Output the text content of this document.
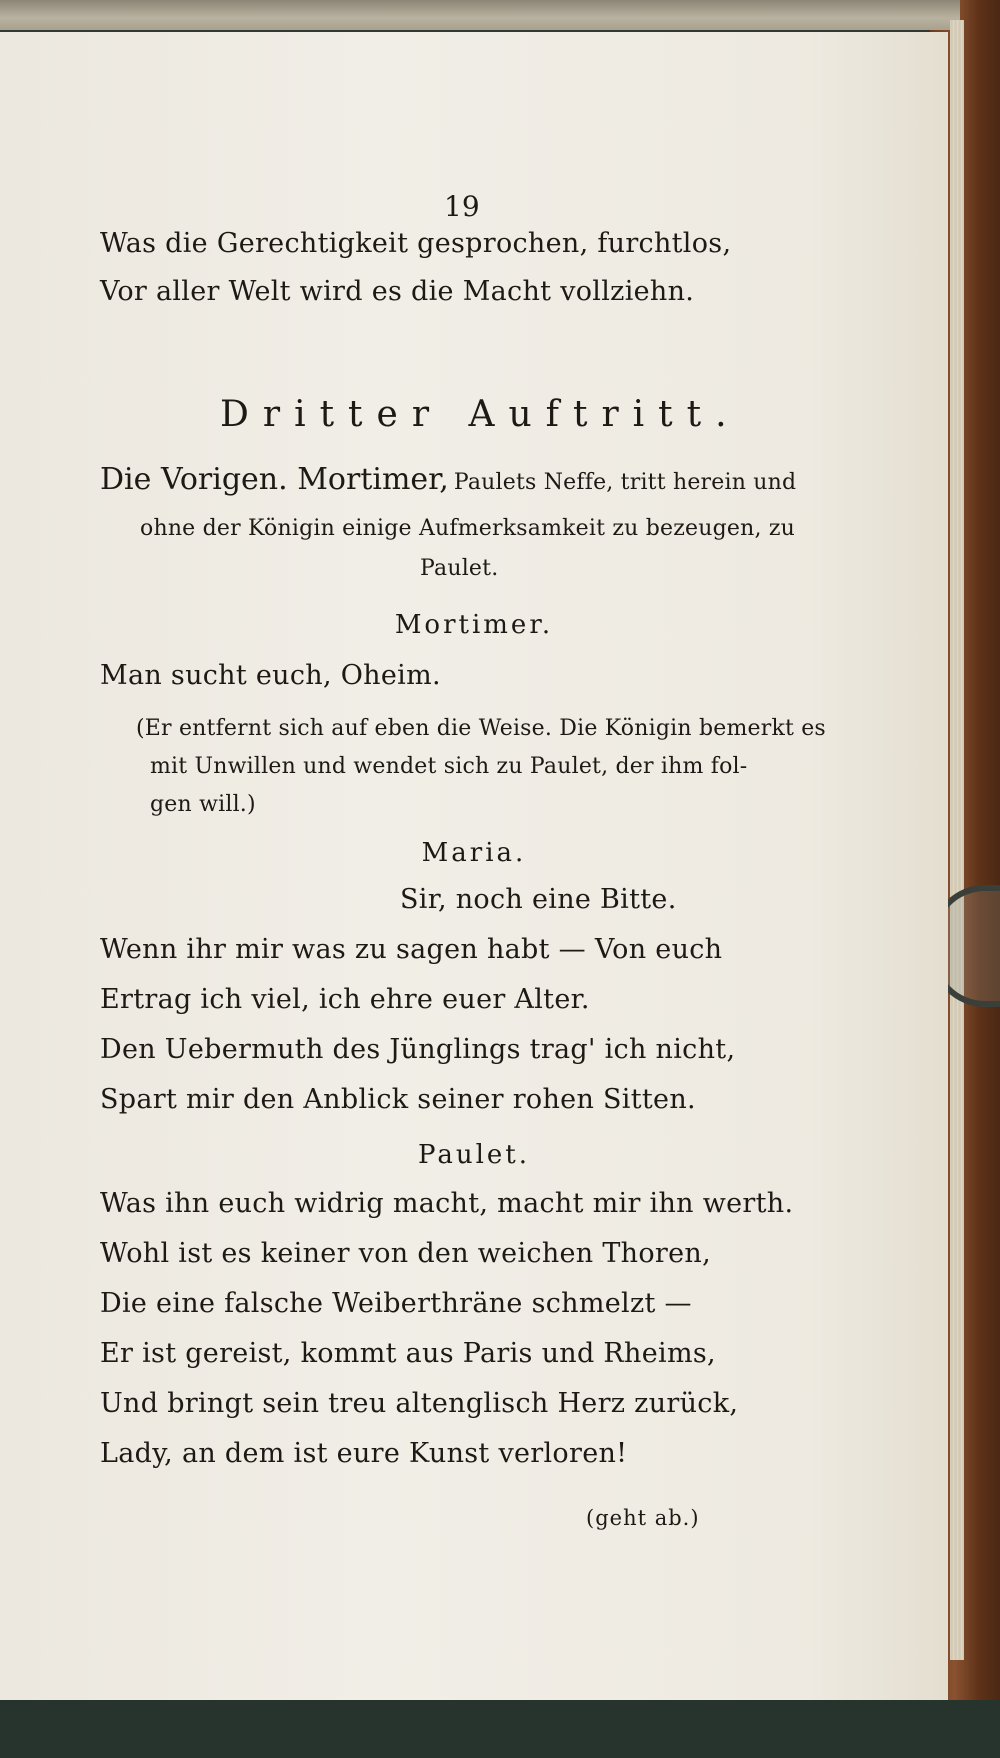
19

Was die Gerechtigkeit gesprochen, furchtlos,

Vor aller Welt wird es die Macht vollziehn.

Dritter Auftritt.

Die Vorigen. Mortimer, Paulets Neffe, tritt herein und

ohne der Königin einige Aufmerksamkeit zu bezeugen, zu

Paulet.

Mortimer.

Man sucht euch, Oheim.

(Er entfernt sich auf eben die Weise. Die Königin bemerkt es

mit Unwillen und wendet sich zu Paulet, der ihm fol-

gen will.)

Maria.

Sir, noch eine Bitte.

Wenn ihr mir was zu sagen habt — Von euch

Ertrag ich viel, ich ehre euer Alter.

Den Uebermuth des Jünglings trag' ich nicht,

Spart mir den Anblick seiner rohen Sitten.

Paulet.

Was ihn euch widrig macht, macht mir ihn werth.

Wohl ist es keiner von den weichen Thoren,

Die eine falsche Weiberthräne schmelzt —

Er ist gereist, kommt aus Paris und Rheims,

Und bringt sein treu altenglisch Herz zurück,

Lady, an dem ist eure Kunst verloren!

(geht ab.)
